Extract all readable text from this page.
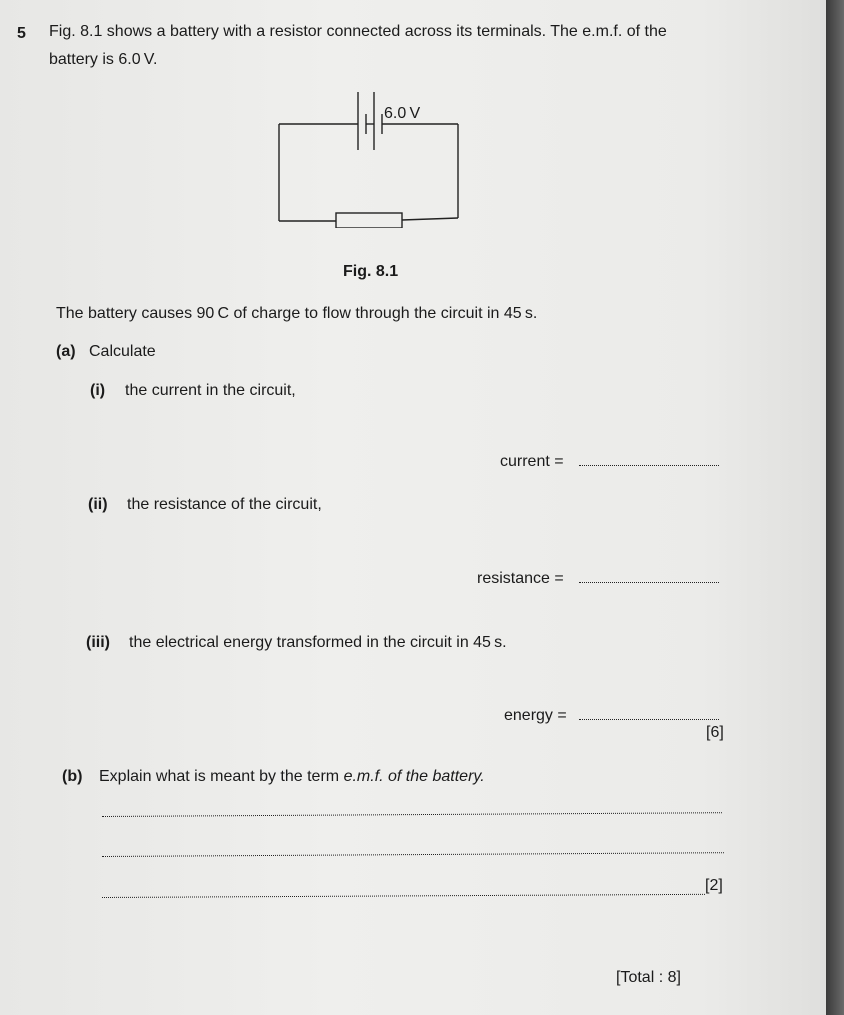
5 Fig. 8.1 shows a battery with a resistor connected across its terminals. The e.m.f. of the
battery is 6.0 V.
6.0 V
Fig. 8.1
The battery causes 90 C of charge to flow through the circuit in 45 s.
(a) Calculate
(i) the current in the circuit,
current =
(ii) the resistance of the circuit,
resistance =
(iii) the electrical energy transformed in the circuit in 45 s.
energy =
[6]
(b) Explain what is meant by the term e.m.f. of the battery.
[2]
[Total : 8]
